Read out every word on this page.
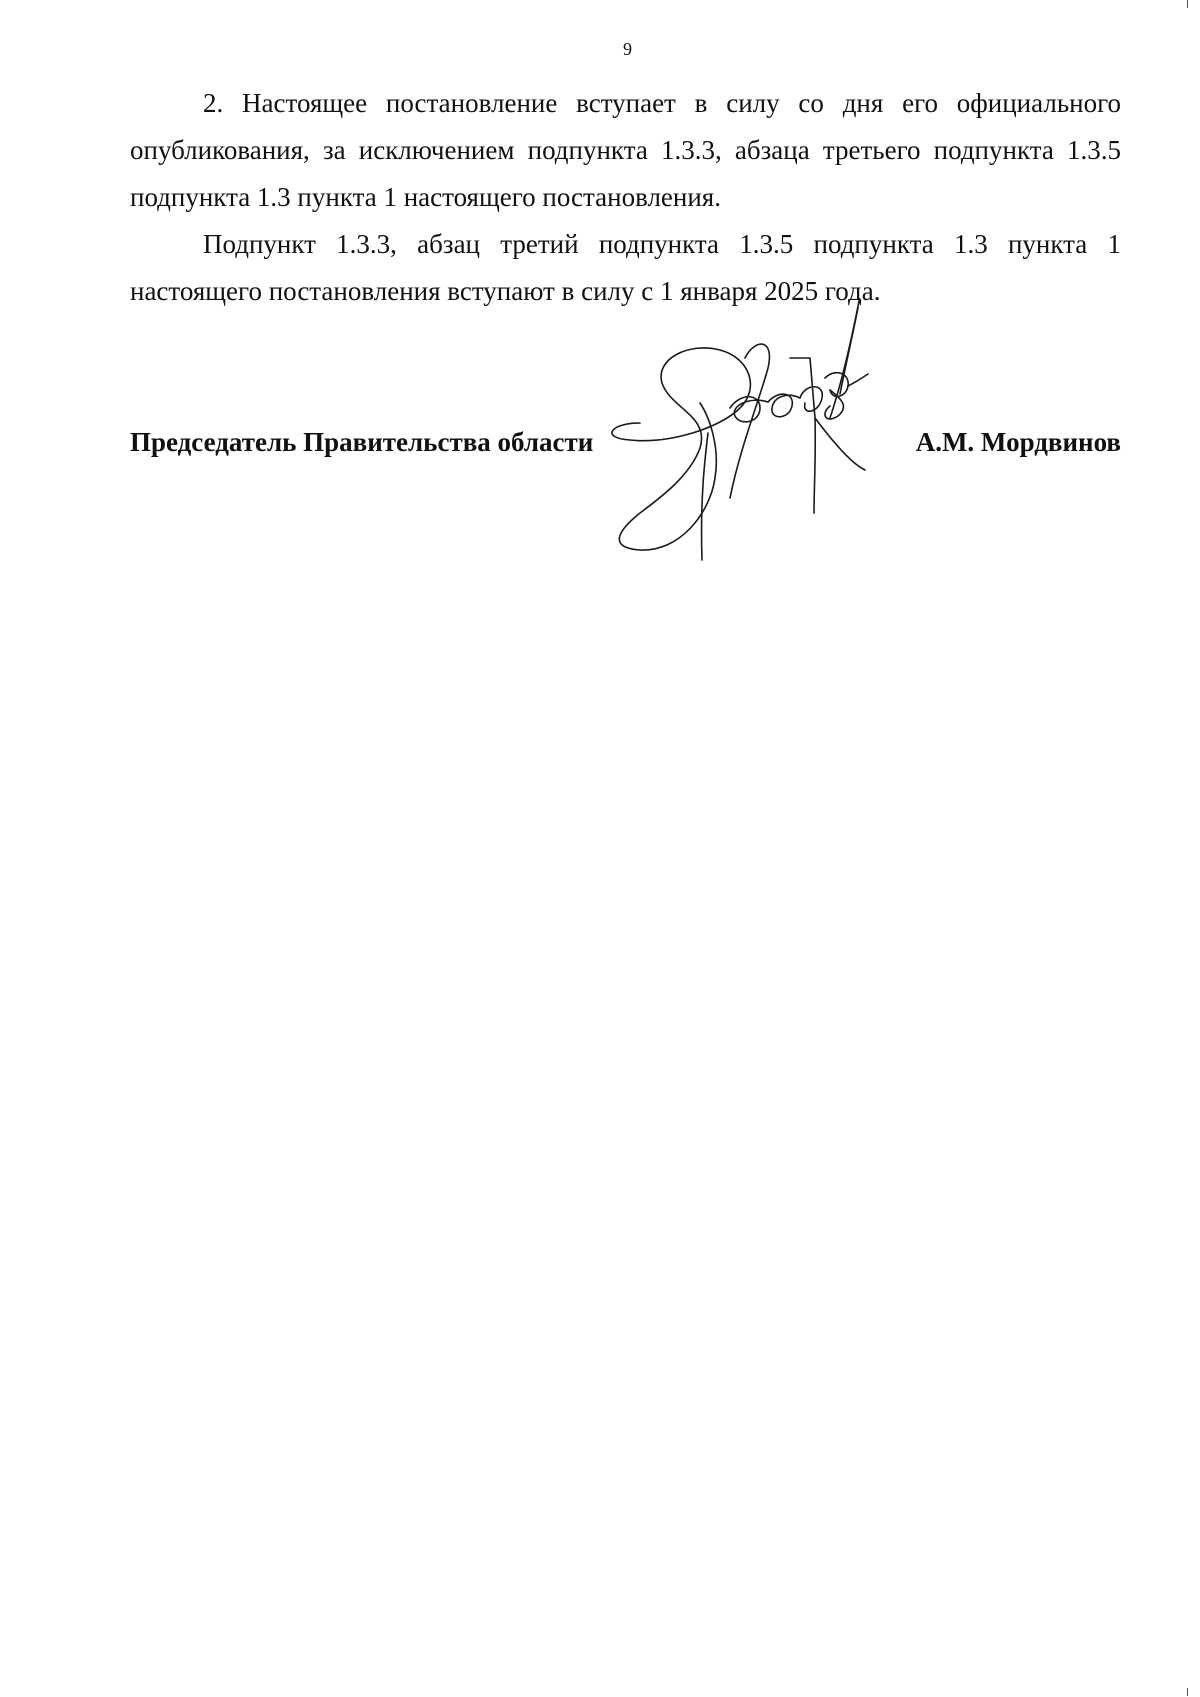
9

2. Настоящее постановление вступает в силу со дня его официального опубликования, за исключением подпункта 1.3.3, абзаца третьего подпункта 1.3.5 подпункта 1.3 пункта 1 настоящего постановления.

Подпункт 1.3.3, абзац третий подпункта 1.3.5 подпункта 1.3 пункта 1 настоящего постановления вступают в силу с 1 января 2025 года.

Председатель Правительства области	А.М. Мордвинов
